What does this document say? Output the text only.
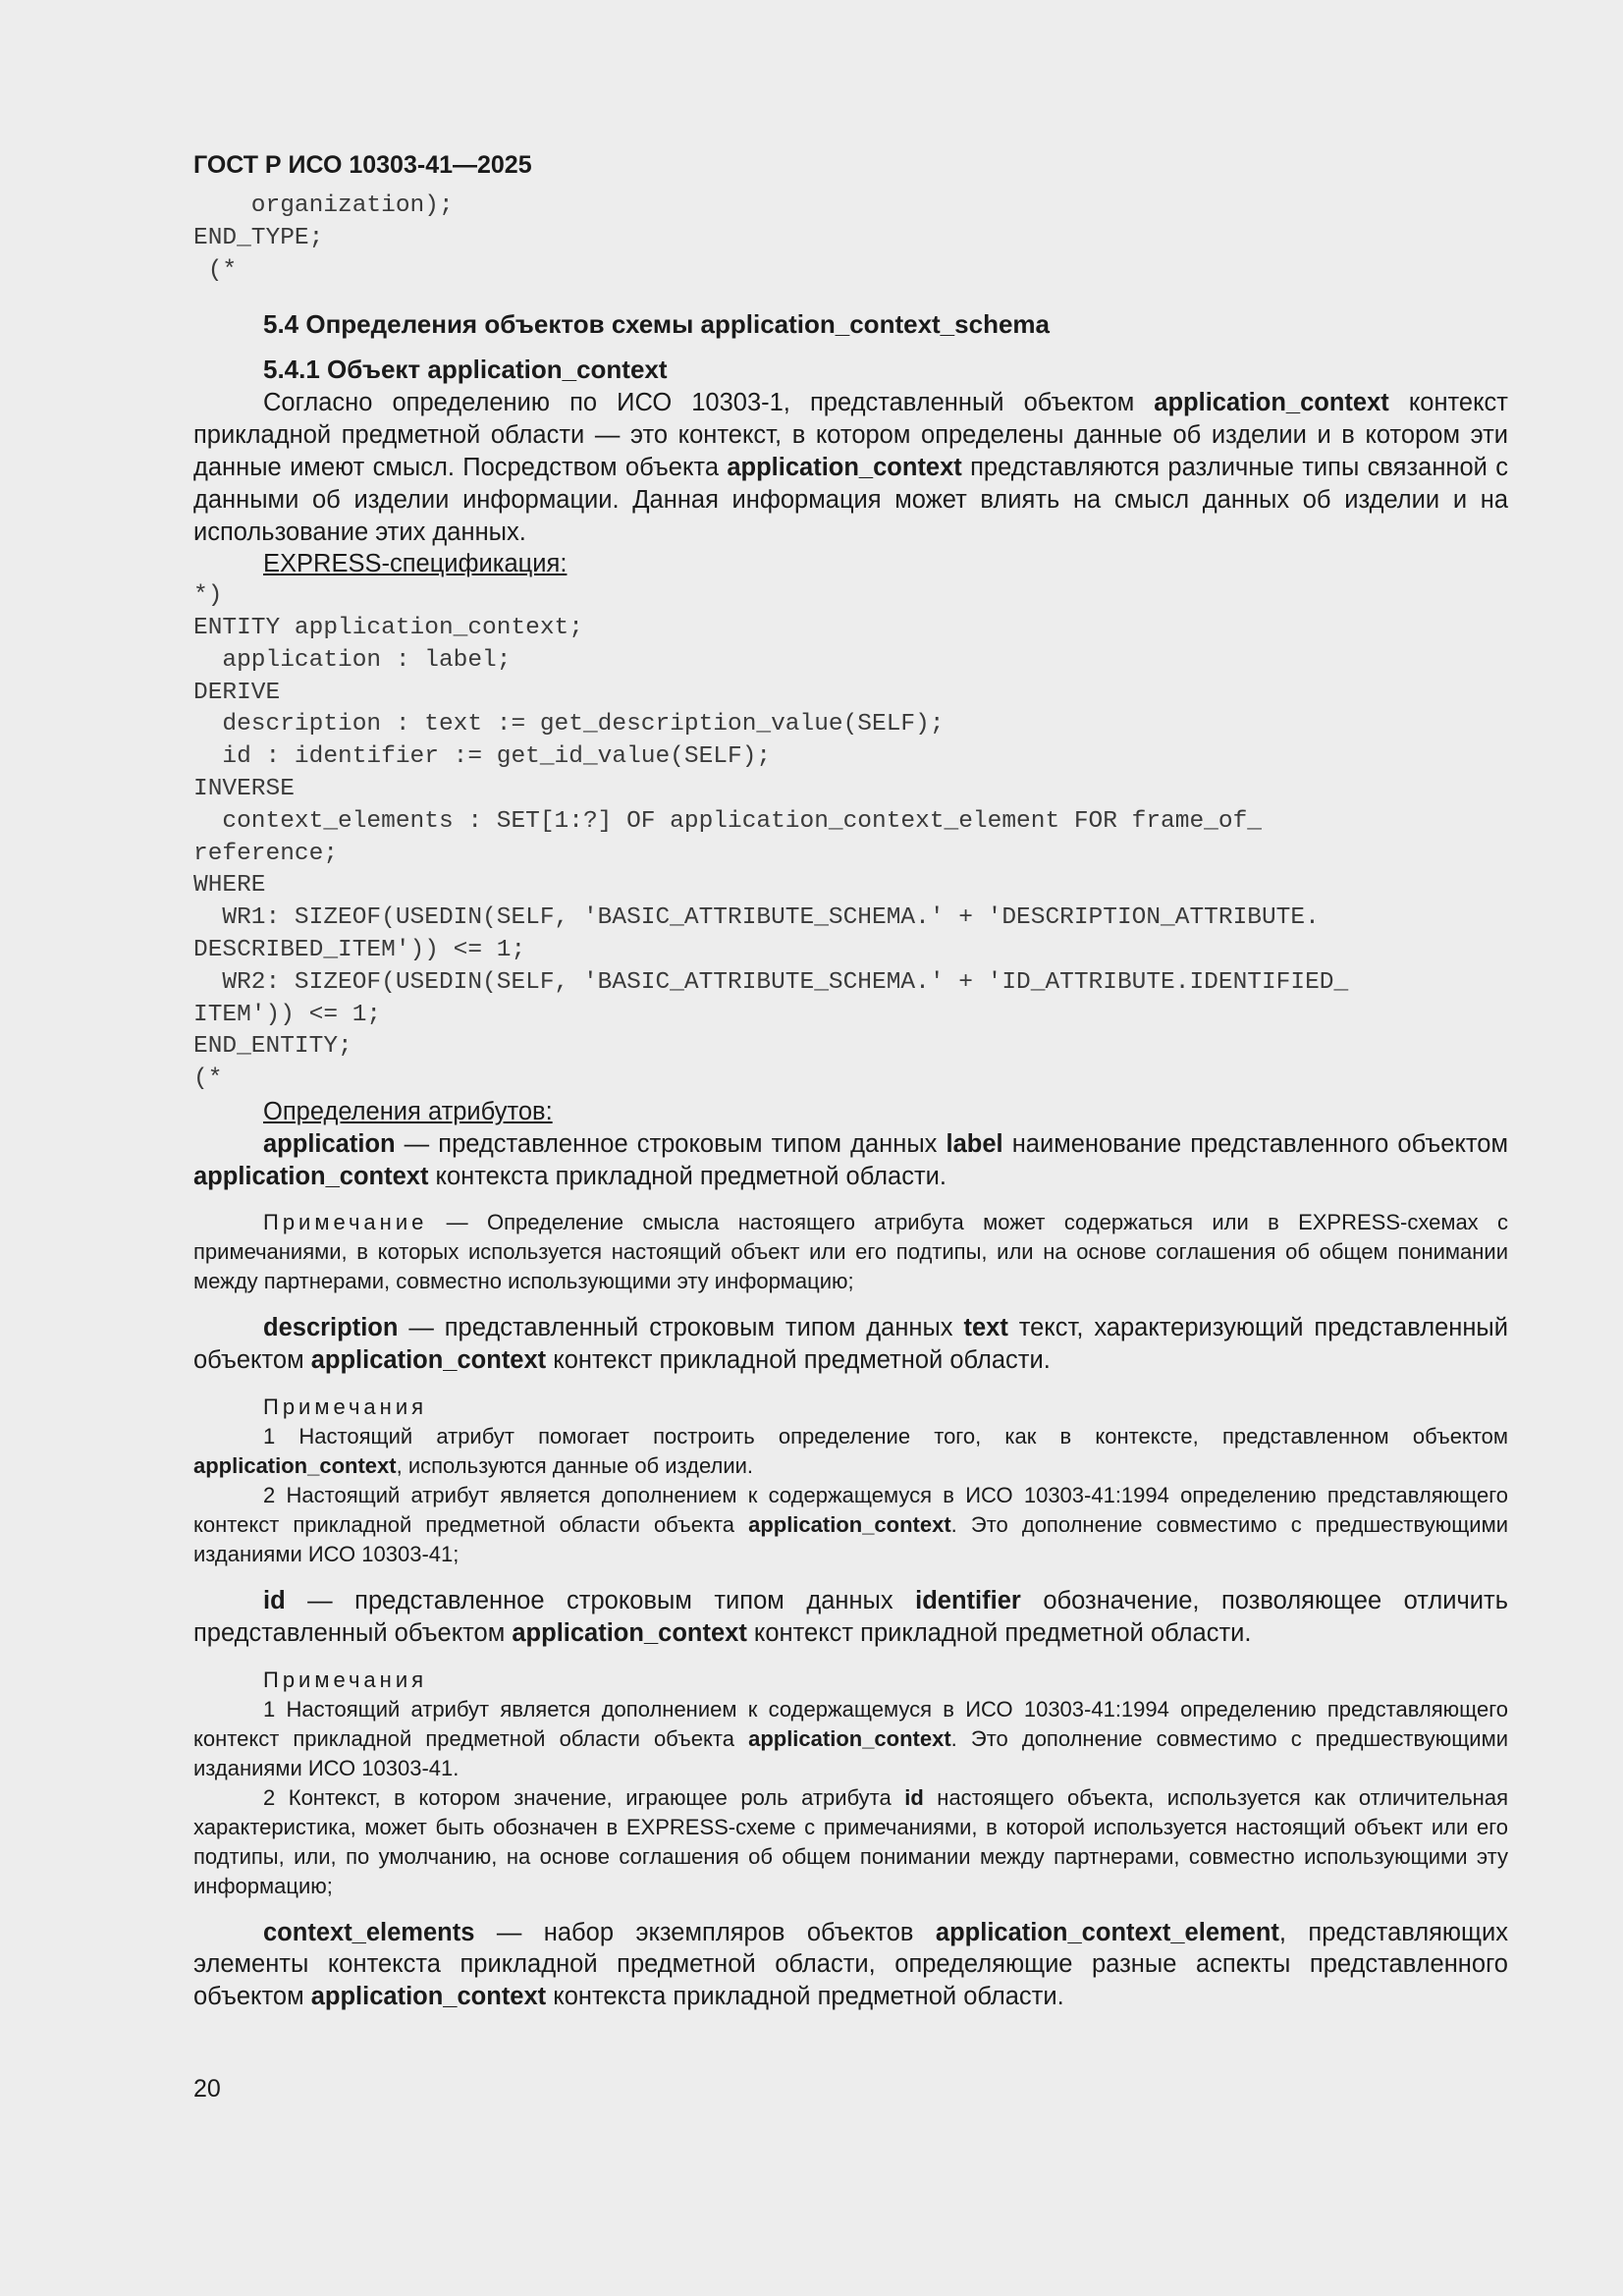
ГОСТ Р ИСО 10303-41—2025
organization);
END_TYPE;
(*
5.4 Определения объектов схемы application_context_schema
5.4.1 Объект application_context

Согласно определению по ИСО 10303-1, представленный объектом application_context контекст прикладной предметной области — это контекст, в котором определены данные об изделии и в котором эти данные имеют смысл. Посредством объекта application_context представляются различные типы связанной с данными об изделии информации. Данная информация может влиять на смысл данных об изделии и на использование этих данных.

EXPRESS-спецификация:
*)
ENTITY application_context;
application : label;
DERIVE
description : text := get_description_value(SELF);
id : identifier := get_id_value(SELF);
INVERSE
context_elements : SET[1:?] OF application_context_element FOR frame_of_
reference;
WHERE
WR1: SIZEOF(USEDIN(SELF, 'BASIC_ATTRIBUTE_SCHEMA.' + 'DESCRIPTION_ATTRIBUTE.
DESCRIBED_ITEM')) <= 1;
WR2: SIZEOF(USEDIN(SELF, 'BASIC_ATTRIBUTE_SCHEMA.' + 'ID_ATTRIBUTE.IDENTIFIED_
ITEM')) <= 1;
END_ENTITY;
(*
Определения атрибутов:

application — представленное строковым типом данных label наименование представленного объектом application_context контекста прикладной предметной области.

Примечание — Определение смысла настоящего атрибута может содержаться или в EXPRESS-схемах с примечаниями, в которых используется настоящий объект или его подтипы, или на основе соглашения об общем понимании между партнерами, совместно использующими эту информацию;

description — представленный строковым типом данных text текст, характеризующий представленный объектом application_context контекст прикладной предметной области.

Примечания

1 Настоящий атрибут помогает построить определение того, как в контексте, представленном объектом application_context, используются данные об изделии.

2 Настоящий атрибут является дополнением к содержащемуся в ИСО 10303-41:1994 определению представляющего контекст прикладной предметной области объекта application_context. Это дополнение совместимо с предшествующими изданиями ИСО 10303-41;

id — представленное строковым типом данных identifier обозначение, позволяющее отличить представленный объектом application_context контекст прикладной предметной области.

Примечания

1 Настоящий атрибут является дополнением к содержащемуся в ИСО 10303-41:1994 определению представляющего контекст прикладной предметной области объекта application_context. Это дополнение совместимо с предшествующими изданиями ИСО 10303-41.

2 Контекст, в котором значение, играющее роль атрибута id настоящего объекта, используется как отличительная характеристика, может быть обозначен в EXPRESS-схеме с примечаниями, в которой используется настоящий объект или его подтипы, или, по умолчанию, на основе соглашения об общем понимании между партнерами, совместно использующими эту информацию;

context_elements — набор экземпляров объектов application_context_element, представляющих элементы контекста прикладной предметной области, определяющие разные аспекты представленного объектом application_context контекста прикладной предметной области.

20
